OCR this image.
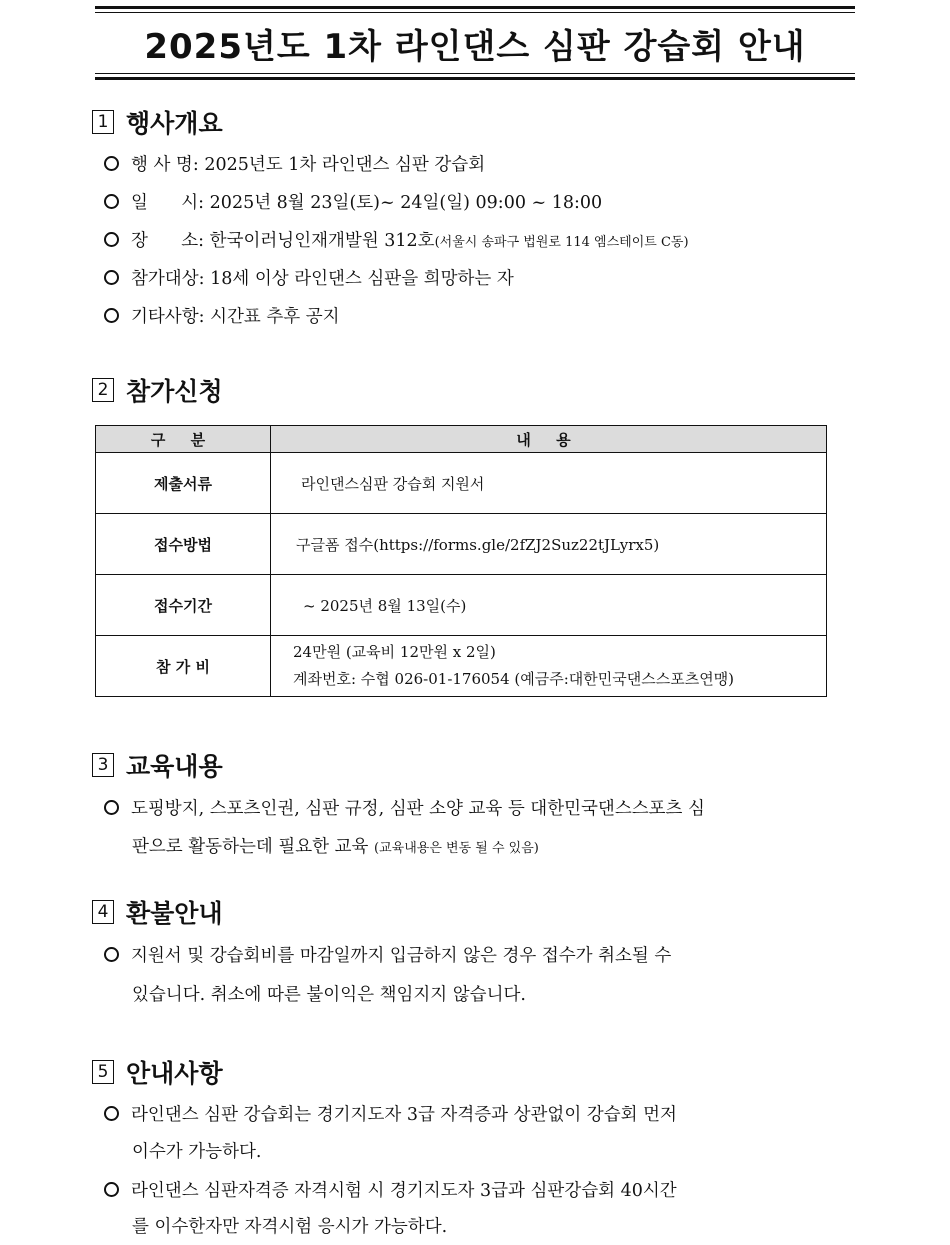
2025년도 1차 라인댄스 심판 강습회 안내
1 행사개요
행 사 명: 2025년도 1차 라인댄스 심판 강습회
일      시: 2025년 8월 23일(토)~ 24일(일) 09:00 ~ 18:00
장      소: 한국이러닝인재개발원 312호(서울시 송파구 법원로 114 엠스테이트 C동)
참가대상: 18세 이상 라인댄스 심판을 희망하는 자
기타사항: 시간표 추후 공지
2 참가신청
구 분	내 용
제출서류	라인댄스심판 강습회 지원서
접수방법	구글폼 접수(https://forms.gle/2fZJ2Suz22tJLyrx5)
접수기간	~ 2025년 8월 13일(수)
참 가 비	24만원 (교육비 12만원 x 2일)
계좌번호: 수협 026-01-176054 (예금주:대한민국댄스스포츠연맹)
3 교육내용
도핑방지, 스포츠인권, 심판 규정, 심판 소양 교육 등 대한민국댄스스포츠 심
판으로 활동하는데 필요한 교육 (교육내용은 변동 될 수 있음)
4 환불안내
지원서 및 강습회비를 마감일까지 입금하지 않은 경우 접수가 취소될 수
있습니다. 취소에 따른 불이익은 책임지지 않습니다.
5 안내사항
라인댄스 심판 강습회는 경기지도자 3급 자격증과 상관없이 강습회 먼저
이수가 가능하다.
라인댄스 심판자격증 자격시험 시 경기지도자 3급과 심판강습회 40시간
를 이수한자만 자격시험 응시가 가능하다.
